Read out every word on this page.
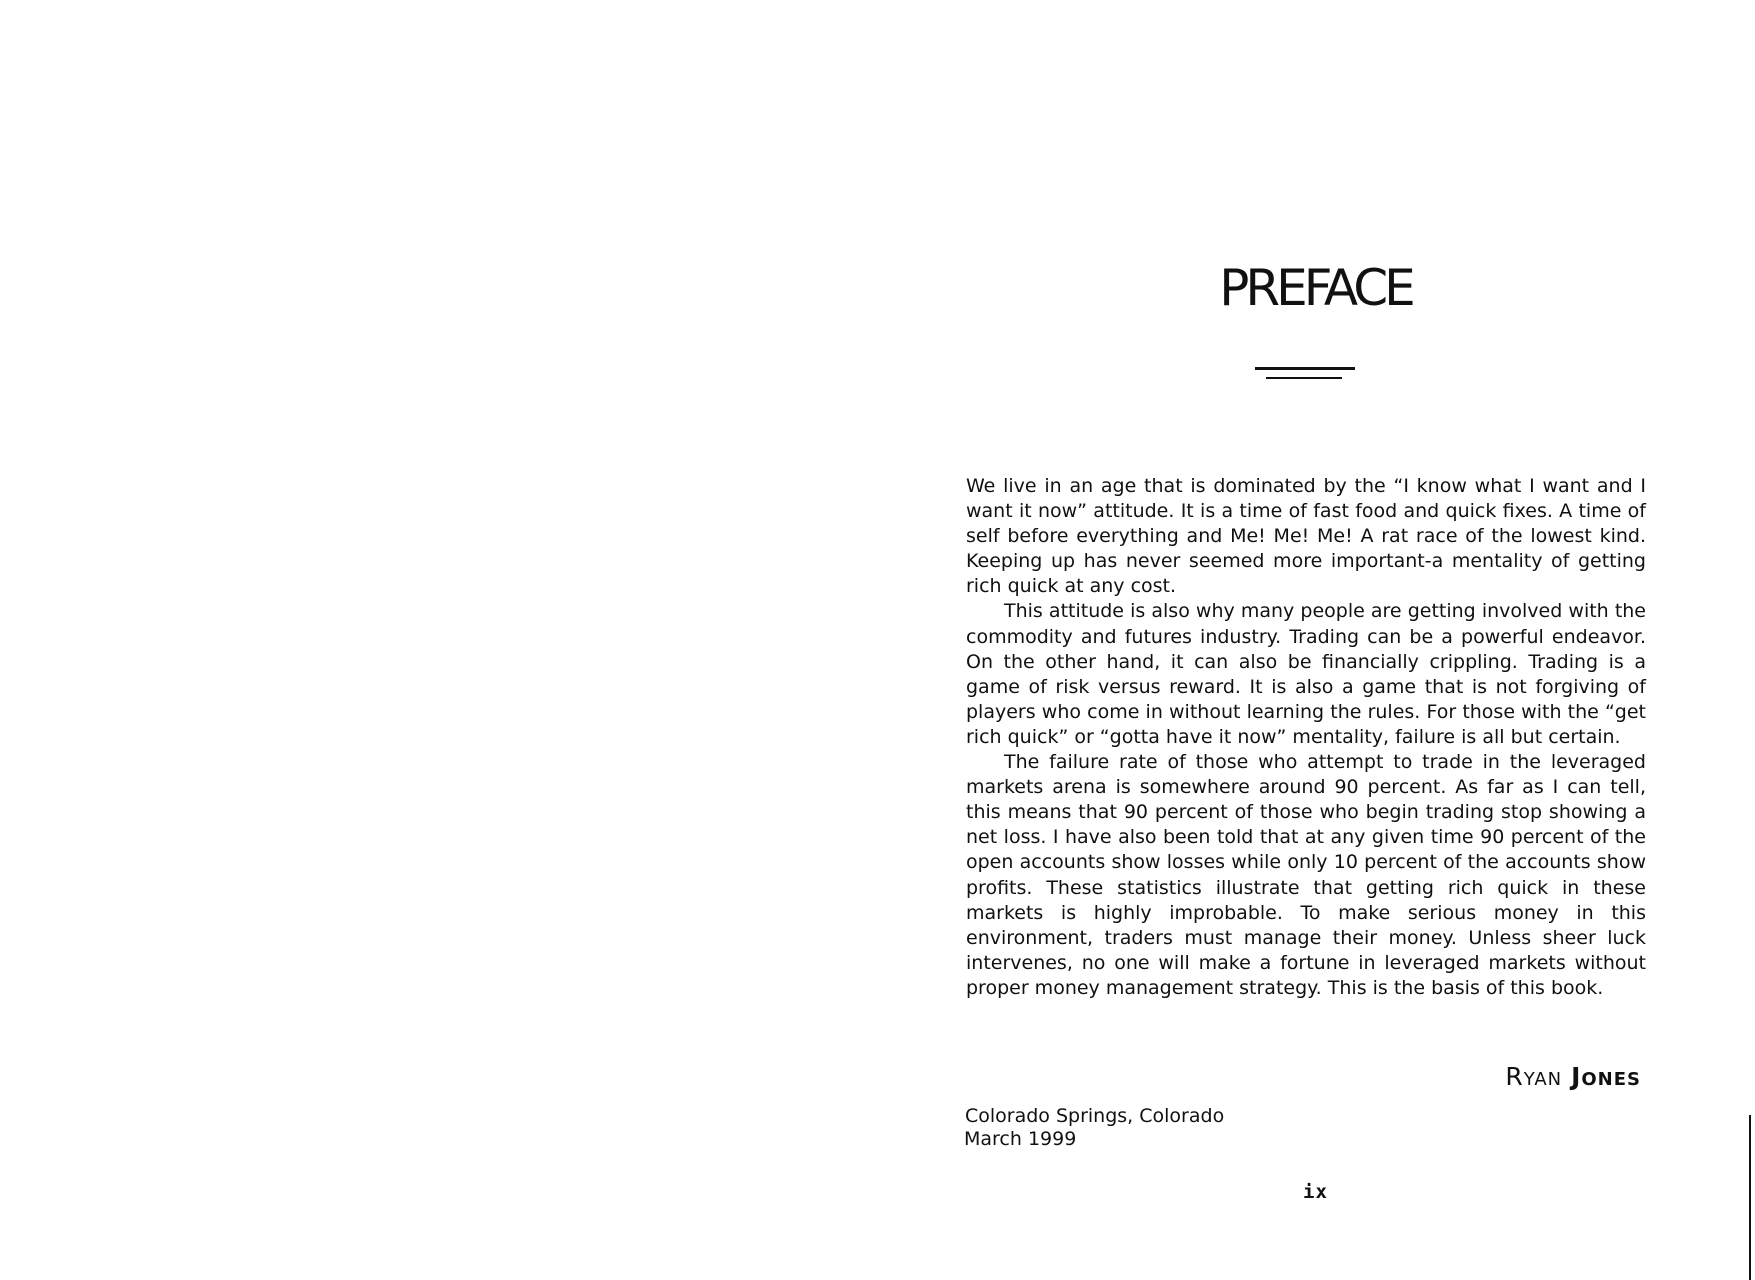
PREFACE

We live in an age that is dominated by the “I know what I want and I want it now” attitude. It is a time of fast food and quick fixes. A time of self before everything and Me! Me! Me! A rat race of the lowest kind. Keeping up has never seemed more important-a mentality of getting rich quick at any cost.

This attitude is also why many people are getting involved with the commodity and futures industry. Trading can be a powerful endeavor. On the other hand, it can also be financially crippling. Trading is a game of risk versus reward. It is also a game that is not forgiving of players who come in without learning the rules. For those with the “get rich quick” or “gotta have it now” mentality, failure is all but certain.

The failure rate of those who attempt to trade in the leveraged markets arena is somewhere around 90 percent. As far as I can tell, this means that 90 percent of those who begin trading stop showing a net loss. I have also been told that at any given time 90 percent of the open accounts show losses while only 10 percent of the accounts show profits. These statistics illustrate that getting rich quick in these markets is highly improbable. To make serious money in this environment, traders must manage their money. Unless sheer luck intervenes, no one will make a fortune in leveraged markets without proper money management strategy. This is the basis of this book.

Ryan Jones
Colorado Springs, Colorado
March 1999
ix
